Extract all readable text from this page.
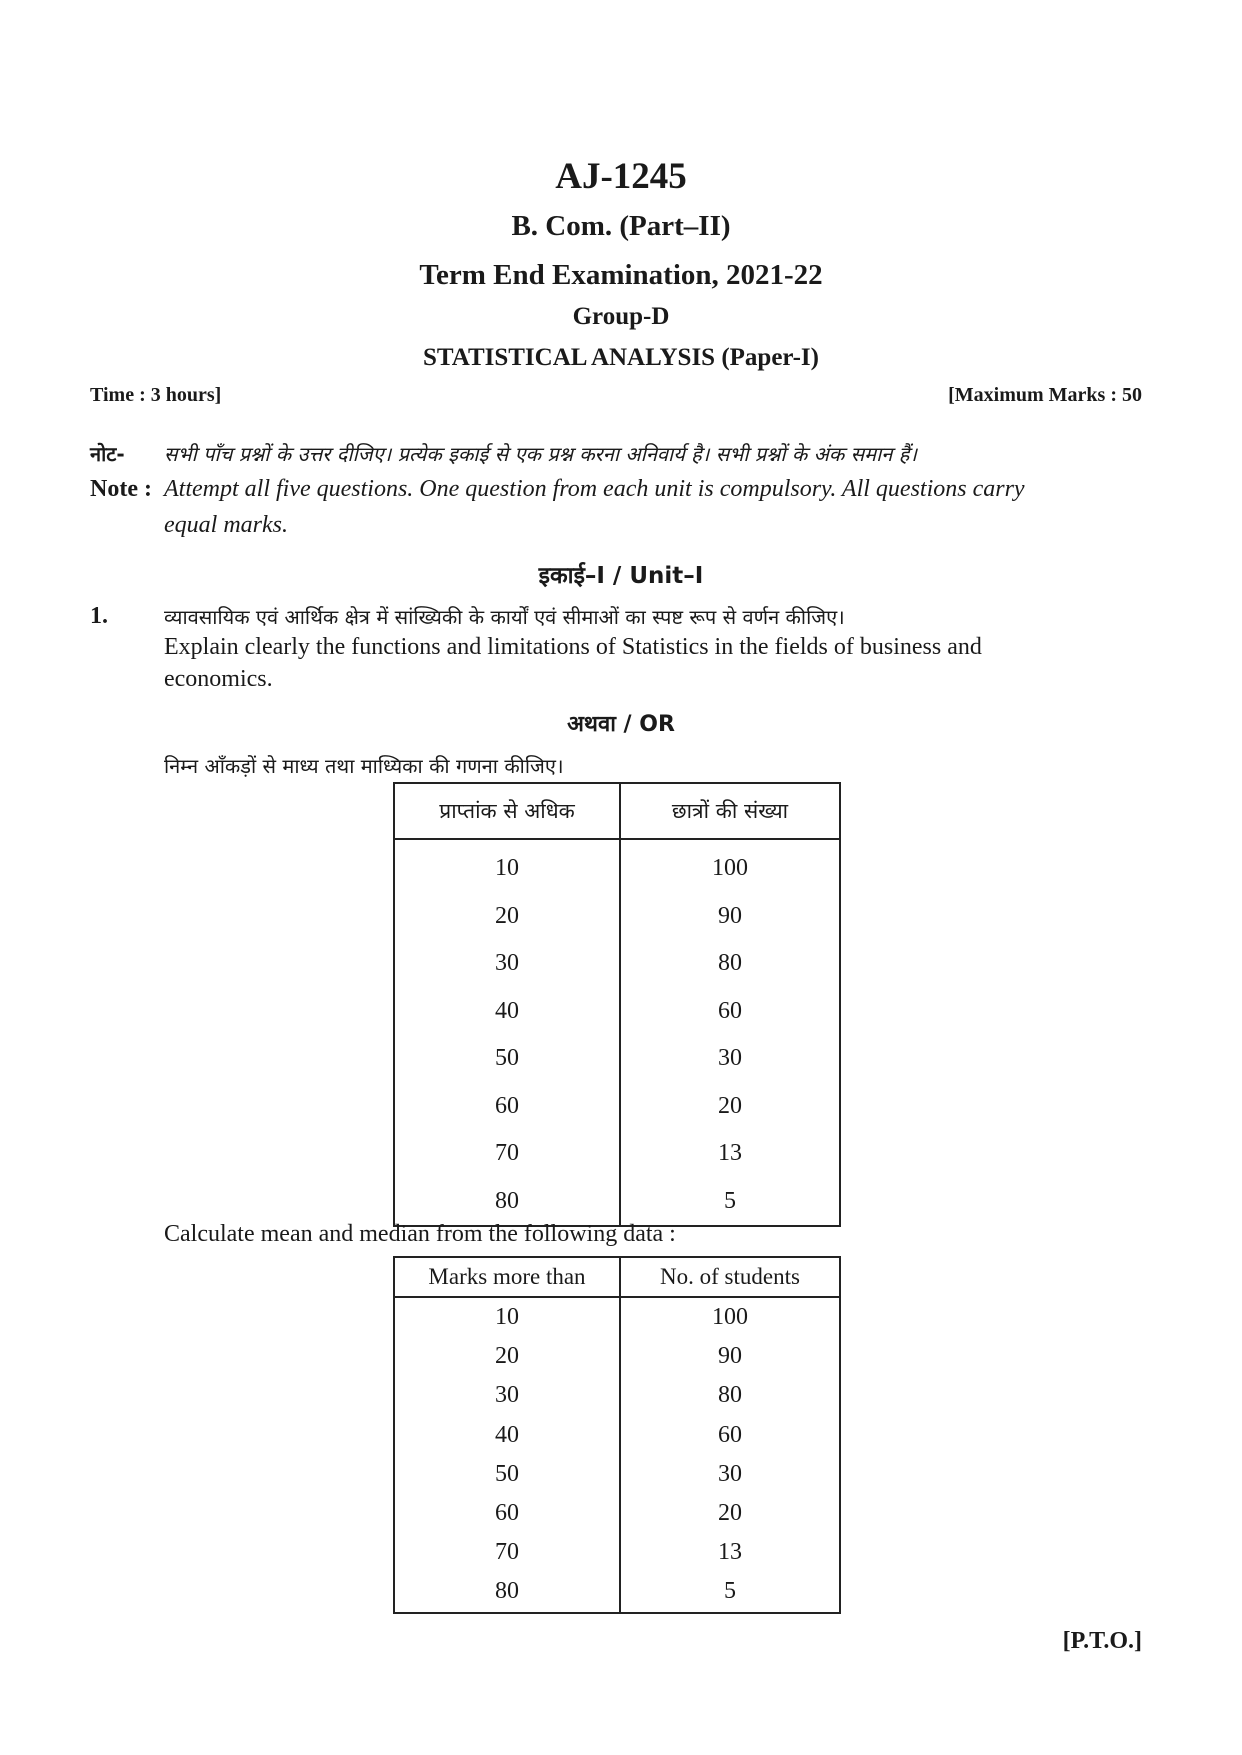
AJ-1245
B. Com. (Part–II)
Term End Examination, 2021-22
Group-D
STATISTICAL ANALYSIS (Paper-I)
Time : 3 hours]	[Maximum Marks : 50
नोट- सभी पाँच प्रश्नों के उत्तर दीजिए। प्रत्येक इकाई से एक प्रश्न करना अनिवार्य है। सभी प्रश्नों के अंक समान हैं।
Note : Attempt all five questions. One question from each unit is compulsory. All questions carry
equal marks.
इकाई–I / Unit–I
1.	व्यावसायिक एवं आर्थिक क्षेत्र में सांख्यिकी के कार्यों एवं सीमाओं का स्पष्ट रूप से वर्णन कीजिए।
Explain clearly the functions and limitations of Statistics in the fields of business and
economics.
अथवा / OR
निम्न आँकड़ों से माध्य तथा माध्यिका की गणना कीजिए।
प्राप्तांक से अधिक	छात्रों की संख्या
10	100
20	90
30	80
40	60
50	30
60	20
70	13
80	5
Calculate mean and median from the following data :
Marks more than	No. of students
10	100
20	90
30	80
40	60
50	30
60	20
70	13
80	5
[P.T.O.]
